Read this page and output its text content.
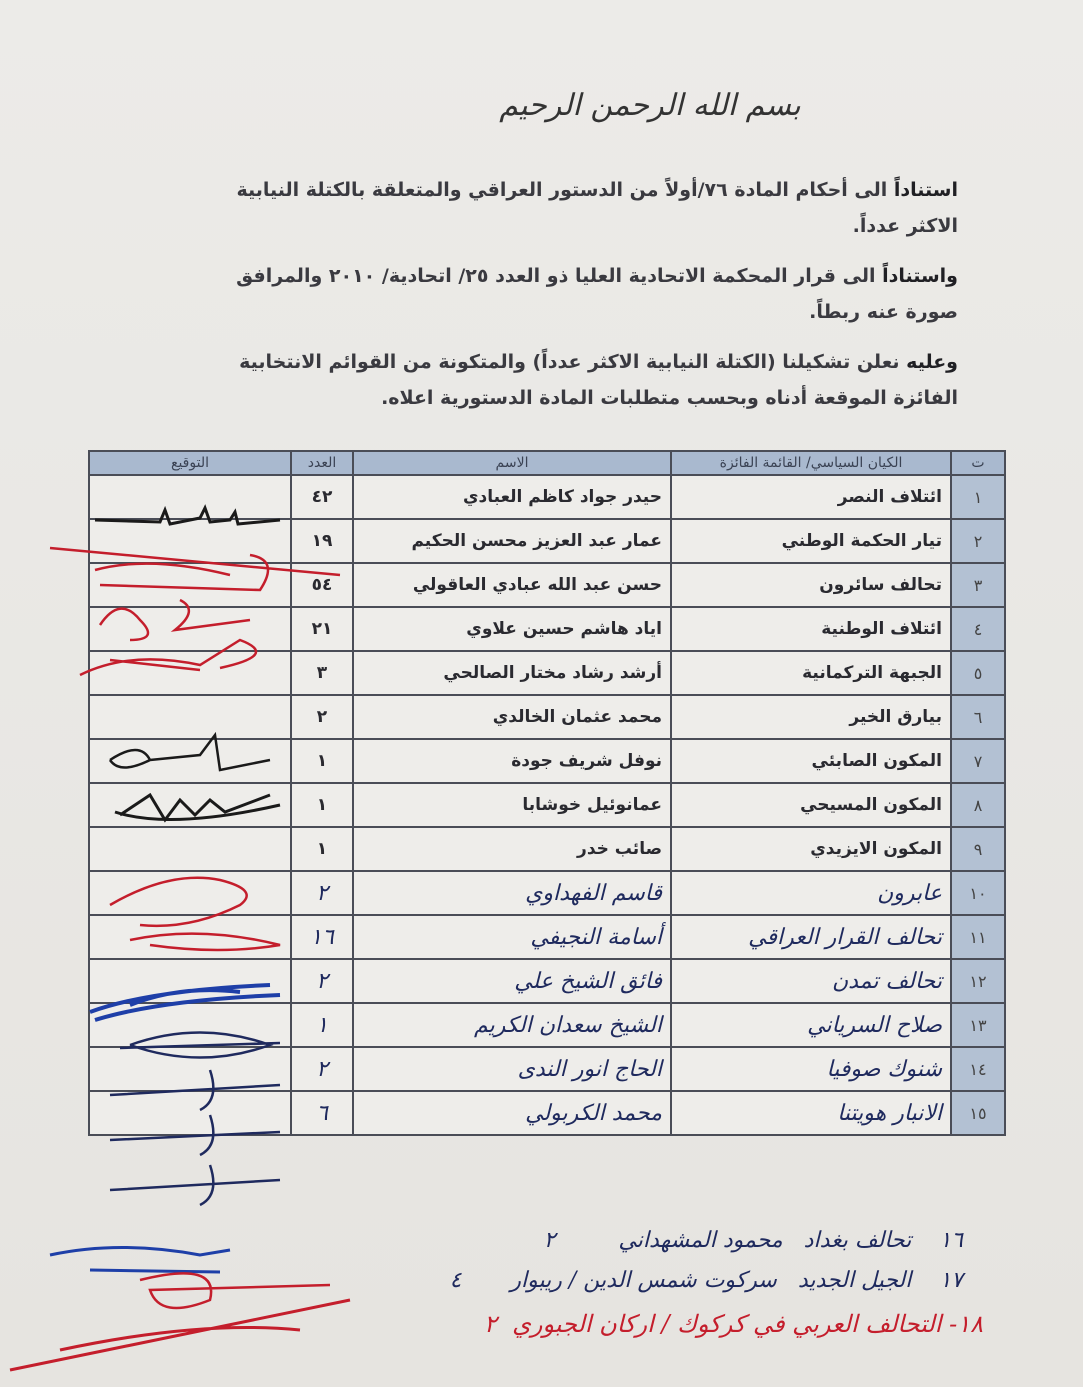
بسم الله الرحمن الرحيم
استناداً الى أحكام المادة ٧٦/أولاً من الدستور العراقي والمتعلقة بالكتلة النيابية الاكثر عدداً.
واستناداً الى قرار المحكمة الاتحادية العليا ذو العدد ٢٥/ اتحادية/ ٢٠١٠ والمرافق صورة عنه ربطاً.
وعليه نعلن تشكيلنا (الكتلة النيابية الاكثر عدداً) والمتكونة من القوائم الانتخابية الفائزة الموقعة أدناه وبحسب متطلبات المادة الدستورية اعلاه.
ت	الكيان السياسي/ القائمة الفائزة	الاسم	العدد	التوقيع
١	ائتلاف النصر	حيدر جواد كاظم العبادي	٤٢	
٢	تيار الحكمة الوطني	عمار عبد العزيز محسن الحكيم	١٩	
٣	تحالف سائرون	حسن عبد الله عبادي العاقولي	٥٤	
٤	ائتلاف الوطنية	اياد هاشم حسين علاوي	٢١	
٥	الجبهة التركمانية	أرشد رشاد مختار الصالحي	٣	
٦	بيارق الخير	محمد عثمان الخالدي	٢	
٧	المكون الصابئي	نوفل شريف جودة	١	
٨	المكون المسيحي	عمانوئيل خوشابا	١	
٩	المكون الايزيدي	صائب خدر	١	
١٠	عابرون	قاسم الفهداوي	٢	
١١	تحالف القرار العراقي	أسامة النجيفي	١٦	
١٢	تحالف تمدن	فائق الشيخ علي	٢	
١٣	صلاح السرياني	الشيخ سعدان الكريم	١	
١٤	شنوك صوفيا	الحاج انور الندى	٢	
١٥	الانبار هويتنا	محمد الكربولي	٦	
١٦    تحالف بغداد   محمود المشهداني         ٢
١٧    الجيل الجديد   سركوت شمس الدين / ريبوار       ٤
١٨- التحالف العربي في كركوك / اركان الجبوري  ٢
